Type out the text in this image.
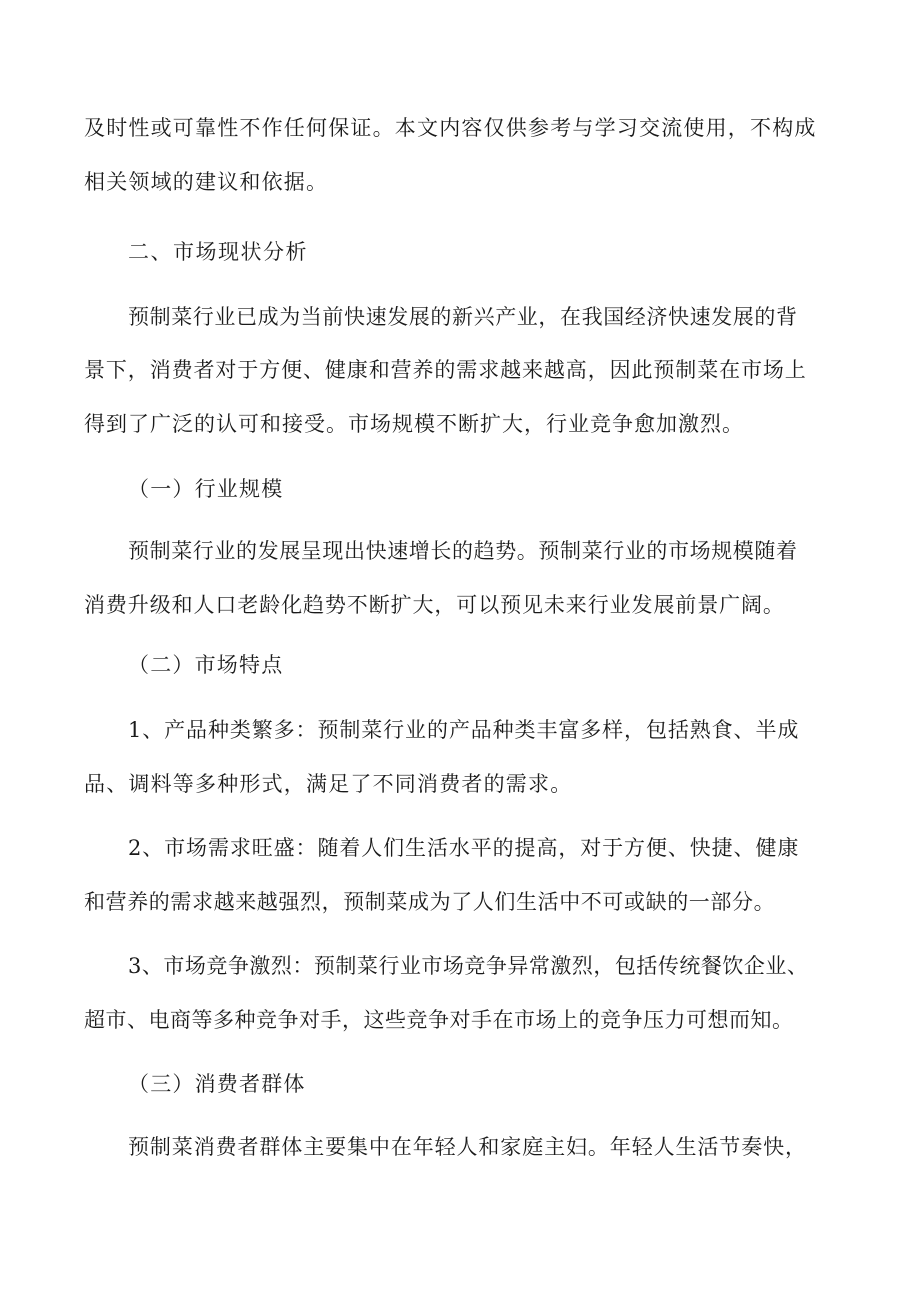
及时性或可靠性不作任何保证。本文内容仅供参考与学习交流使用，不构成
相关领域的建议和依据。
二、市场现状分析
预制菜行业已成为当前快速发展的新兴产业，在我国经济快速发展的背
景下，消费者对于方便、健康和营养的需求越来越高，因此预制菜在市场上
得到了广泛的认可和接受。市场规模不断扩大，行业竞争愈加激烈。
（一）行业规模
预制菜行业的发展呈现出快速增长的趋势。预制菜行业的市场规模随着
消费升级和人口老龄化趋势不断扩大，可以预见未来行业发展前景广阔。
（二）市场特点
1、产品种类繁多：预制菜行业的产品种类丰富多样，包括熟食、半成
品、调料等多种形式，满足了不同消费者的需求。
2、市场需求旺盛：随着人们生活水平的提高，对于方便、快捷、健康
和营养的需求越来越强烈，预制菜成为了人们生活中不可或缺的一部分。
3、市场竞争激烈：预制菜行业市场竞争异常激烈，包括传统餐饮企业、
超市、电商等多种竞争对手，这些竞争对手在市场上的竞争压力可想而知。
（三）消费者群体
预制菜消费者群体主要集中在年轻人和家庭主妇。年轻人生活节奏快，
